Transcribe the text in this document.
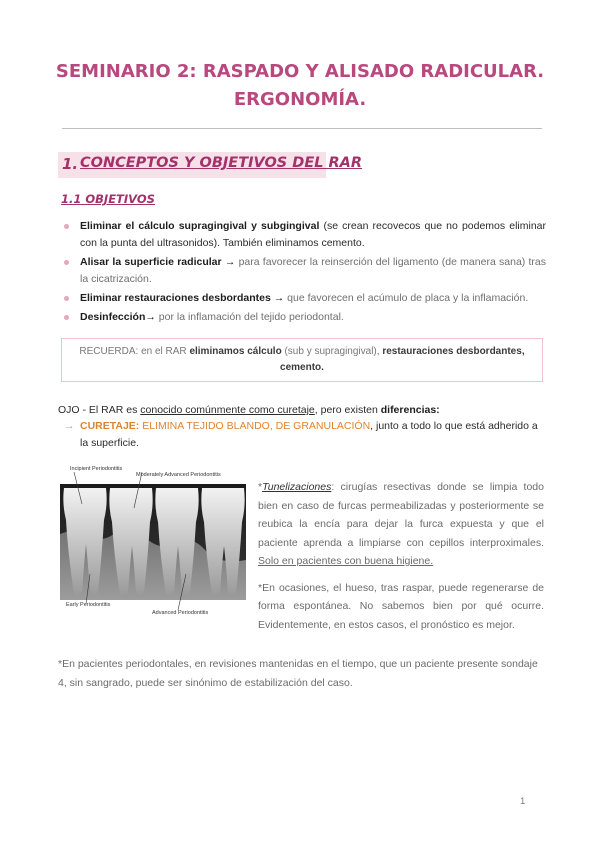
SEMINARIO 2: RASPADO Y ALISADO RADICULAR.
ERGONOMÍA.
1. CONCEPTOS Y OBJETIVOS DEL RAR
1.1 OBJETIVOS
Eliminar el cálculo supragingival y subgingival (se crean recovecos que no podemos eliminar con la punta del ultrasonidos). También eliminamos cemento.
Alisar la superficie radicular → para favorecer la reinserción del ligamento (de manera sana) tras la cicatrización.
Eliminar restauraciones desbordantes → que favorecen el acúmulo de placa y la inflamación.
Desinfección→ por la inflamación del tejido periodontal.
RECUERDA: en el RAR eliminamos cálculo (sub y supragingival), restauraciones desbordantes,
cemento.
OJO - El RAR es conocido comúnmente como curetaje, pero existen diferencias:
→ CURETAJE: ELIMINA TEJIDO BLANDO, DE GRANULACIÓN, junto a todo lo que está adherido a la superficie.
Incipient Periodontitis
Moderately Advanced Periodontitis
Early Periodontitis
Advanced Periodontitis

*Tunelizaciones: cirugías resectivas donde se limpia todo bien en caso de furcas permeabilizadas y posteriormente se reubica la encía para dejar la furca expuesta y que el paciente aprenda a limpiarse con cepillos interproximales. Solo en pacientes con buena higiene.

*En ocasiones, el hueso, tras raspar, puede regenerarse de forma espontánea. No sabemos bien por qué ocurre. Evidentemente, en estos casos, el pronóstico es mejor.

*En pacientes periodontales, en revisiones mantenidas en el tiempo, que un paciente presente sondaje 4, sin sangrado, puede ser sinónimo de estabilización del caso.
1
